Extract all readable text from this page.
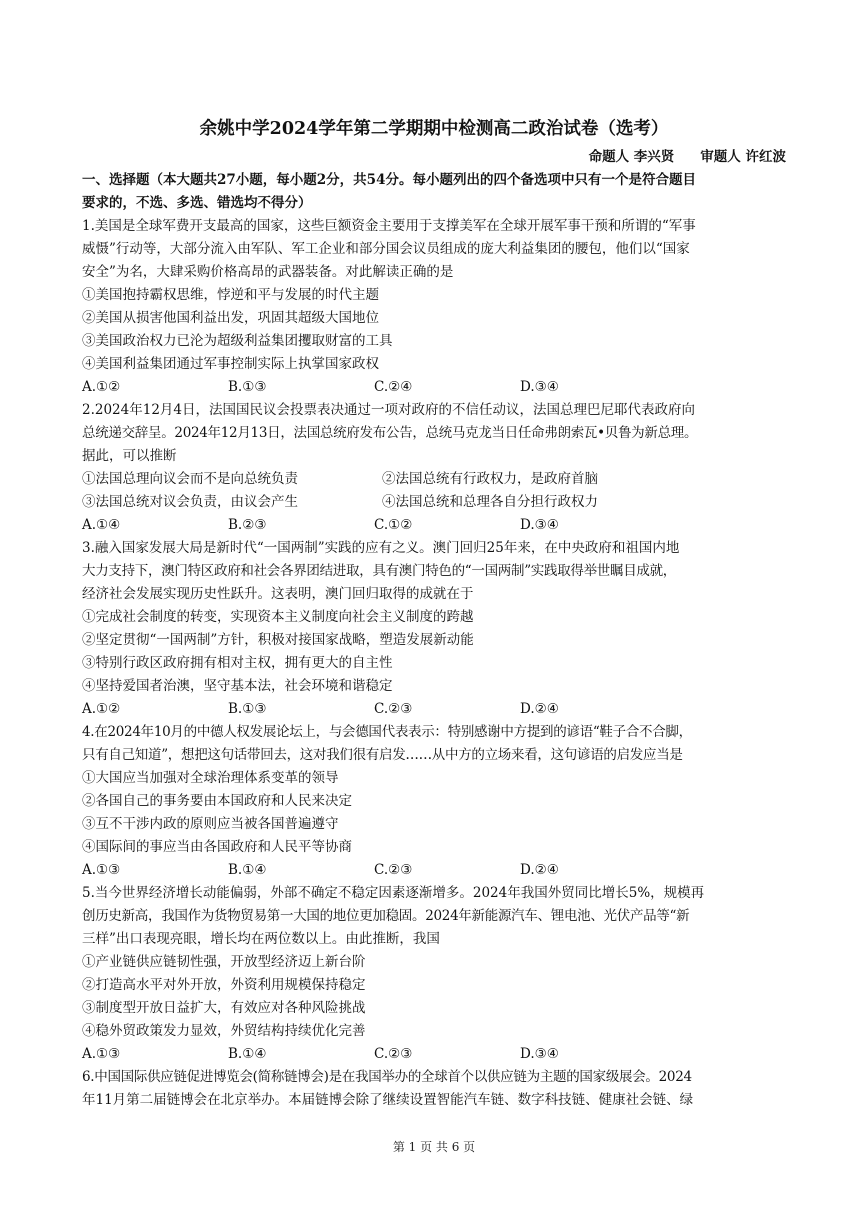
余姚中学2024学年第二学期期中检测高二政治试卷（选考）
命题人 李兴贤 审题人 许红波
一、选择题（本大题共27小题，每小题2分，共54分。每小题列出的四个备选项中只有一个是符合题目
要求的，不选、多选、错选均不得分）
1.美国是全球军费开支最高的国家，这些巨额资金主要用于支撑美军在全球开展军事干预和所谓的“军事
威慑”行动等，大部分流入由军队、军工企业和部分国会议员组成的庞大利益集团的腰包，他们以“国家
安全”为名，大肆采购价格高昂的武器装备。对此解读正确的是
①美国抱持霸权思维，悖逆和平与发展的时代主题
②美国从损害他国利益出发，巩固其超级大国地位
③美国政治权力已沦为超级利益集团攫取财富的工具
④美国利益集团通过军事控制实际上执掌国家政权
A.①②	B.①③	C.②④	D.③④
2.2024年12月4日，法国国民议会投票表决通过一项对政府的不信任动议，法国总理巴尼耶代表政府向
总统递交辞呈。2024年12月13日，法国总统府发布公告，总统马克龙当日任命弗朗索瓦•贝鲁为新总理。
据此，可以推断
①法国总理向议会而不是向总统负责	②法国总统有行政权力，是政府首脑
③法国总统对议会负责，由议会产生	④法国总统和总理各自分担行政权力
A.①④	B.②③	C.①②	D.③④
3.融入国家发展大局是新时代“一国两制”实践的应有之义。澳门回归25年来，在中央政府和祖国内地
大力支持下，澳门特区政府和社会各界团结进取，具有澳门特色的“一国两制”实践取得举世瞩目成就，
经济社会发展实现历史性跃升。这表明，澳门回归取得的成就在于
①完成社会制度的转变，实现资本主义制度向社会主义制度的跨越
②坚定贯彻“一国两制”方针，积极对接国家战略，塑造发展新动能
③特别行政区政府拥有相对主权，拥有更大的自主性
④坚持爱国者治澳，坚守基本法，社会环境和谐稳定
A.①②	B.①③	C.②③	D.②④
4.在2024年10月的中德人权发展论坛上，与会德国代表表示：特别感谢中方提到的谚语“鞋子合不合脚，
只有自己知道”，想把这句话带回去，这对我们很有启发……从中方的立场来看，这句谚语的启发应当是
①大国应当加强对全球治理体系变革的领导
②各国自己的事务要由本国政府和人民来决定
③互不干涉内政的原则应当被各国普遍遵守
④国际间的事应当由各国政府和人民平等协商
A.①③	B.①④	C.②③	D.②④
5.当今世界经济增长动能偏弱，外部不确定不稳定因素逐渐增多。2024年我国外贸同比增长5%，规模再
创历史新高，我国作为货物贸易第一大国的地位更加稳固。2024年新能源汽车、锂电池、光伏产品等“新
三样”出口表现亮眼，增长均在两位数以上。由此推断，我国
①产业链供应链韧性强，开放型经济迈上新台阶
②打造高水平对外开放，外资利用规模保持稳定
③制度型开放日益扩大，有效应对各种风险挑战
④稳外贸政策发力显效，外贸结构持续优化完善
A.①③	B.①④	C.②③	D.③④
6.中国国际供应链促进博览会(简称链博会)是在我国举办的全球首个以供应链为主题的国家级展会。2024
年11月第二届链博会在北京举办。本届链博会除了继续设置智能汽车链、数字科技链、健康社会链、绿
第 1 页 共 6 页
